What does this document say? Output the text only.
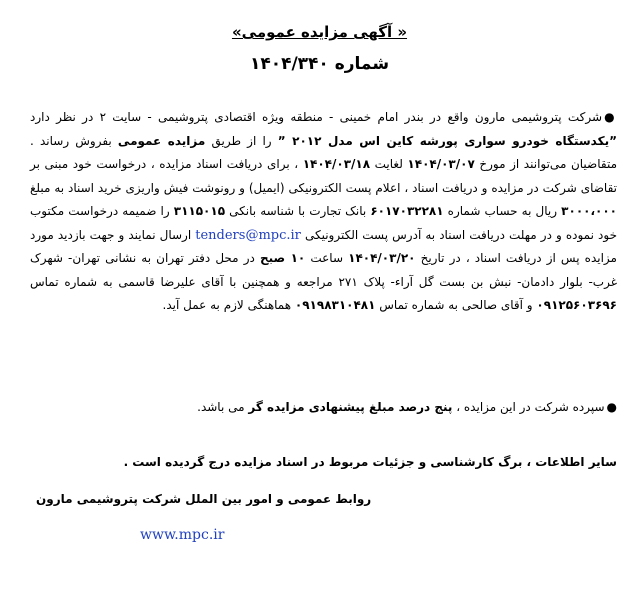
« آگهی مزایده عمومی»
شماره ۱۴۰۴/۳۴۰
●شرکت پتروشیمی مارون واقع در بندر امام خمینی - منطقه ویژه اقتصادی پتروشیمی - سایت ۲ در نظر دارد ˮیکدستگاه خودرو سواری پورشه کاین اس مدل ۲۰۱۲ ˮ را از طریق مزایده عمومی بفروش رساند . متقاضیان می‌توانند از مورخ ۱۴۰۴/۰۳/۰۷ لغایت ۱۴۰۴/۰۳/۱۸ ، برای دریافت اسناد مزایده ، درخواست خود مبنی بر تقاضای شرکت در مزایده و دریافت اسناد ، اعلام پست الکترونیکی (ایمیل) و رونوشت فیش واریزی خرید اسناد به مبلغ ۳۰۰۰،۰۰۰ ریال به حساب شماره ۶۰۱۷۰۳۲۲۸۱ بانک تجارت با شناسه بانکی ۳۱۱۵۰۱۵ را ضمیمه درخواست مکتوب خود نموده و در مهلت دریافت اسناد به آدرس پست الکترونیکی tenders@mpc.ir ارسال نمایند و جهت بازدید مورد مزایده پس از دریافت اسناد ، در تاریخ ۱۴۰۴/۰۳/۲۰ ساعت ۱۰ صبح در محل دفتر تهران به نشانی تهران- شهرک غرب- بلوار دادمان- نبش بن بست گل آراء- پلاک ۲۷۱ مراجعه و همچنین با آقای علیرضا قاسمی به شماره تماس ۰۹۱۲۵۶۰۳۶۹۶ و آقای صالحی به شماره تماس ۰۹۱۹۸۳۱۰۴۸۱ هماهنگی لازم به عمل آید.
●سپرده شرکت در این مزایده ، پنج درصد مبلغ پیشنهادی مزایده گر می باشد.
سایر اطلاعات ، برگ کارشناسی و جزئیات مربوط در اسناد مزایده درج گردیده است .
روابط عمومی و امور بین الملل شرکت پتروشیمی مارون
www.mpc.ir
